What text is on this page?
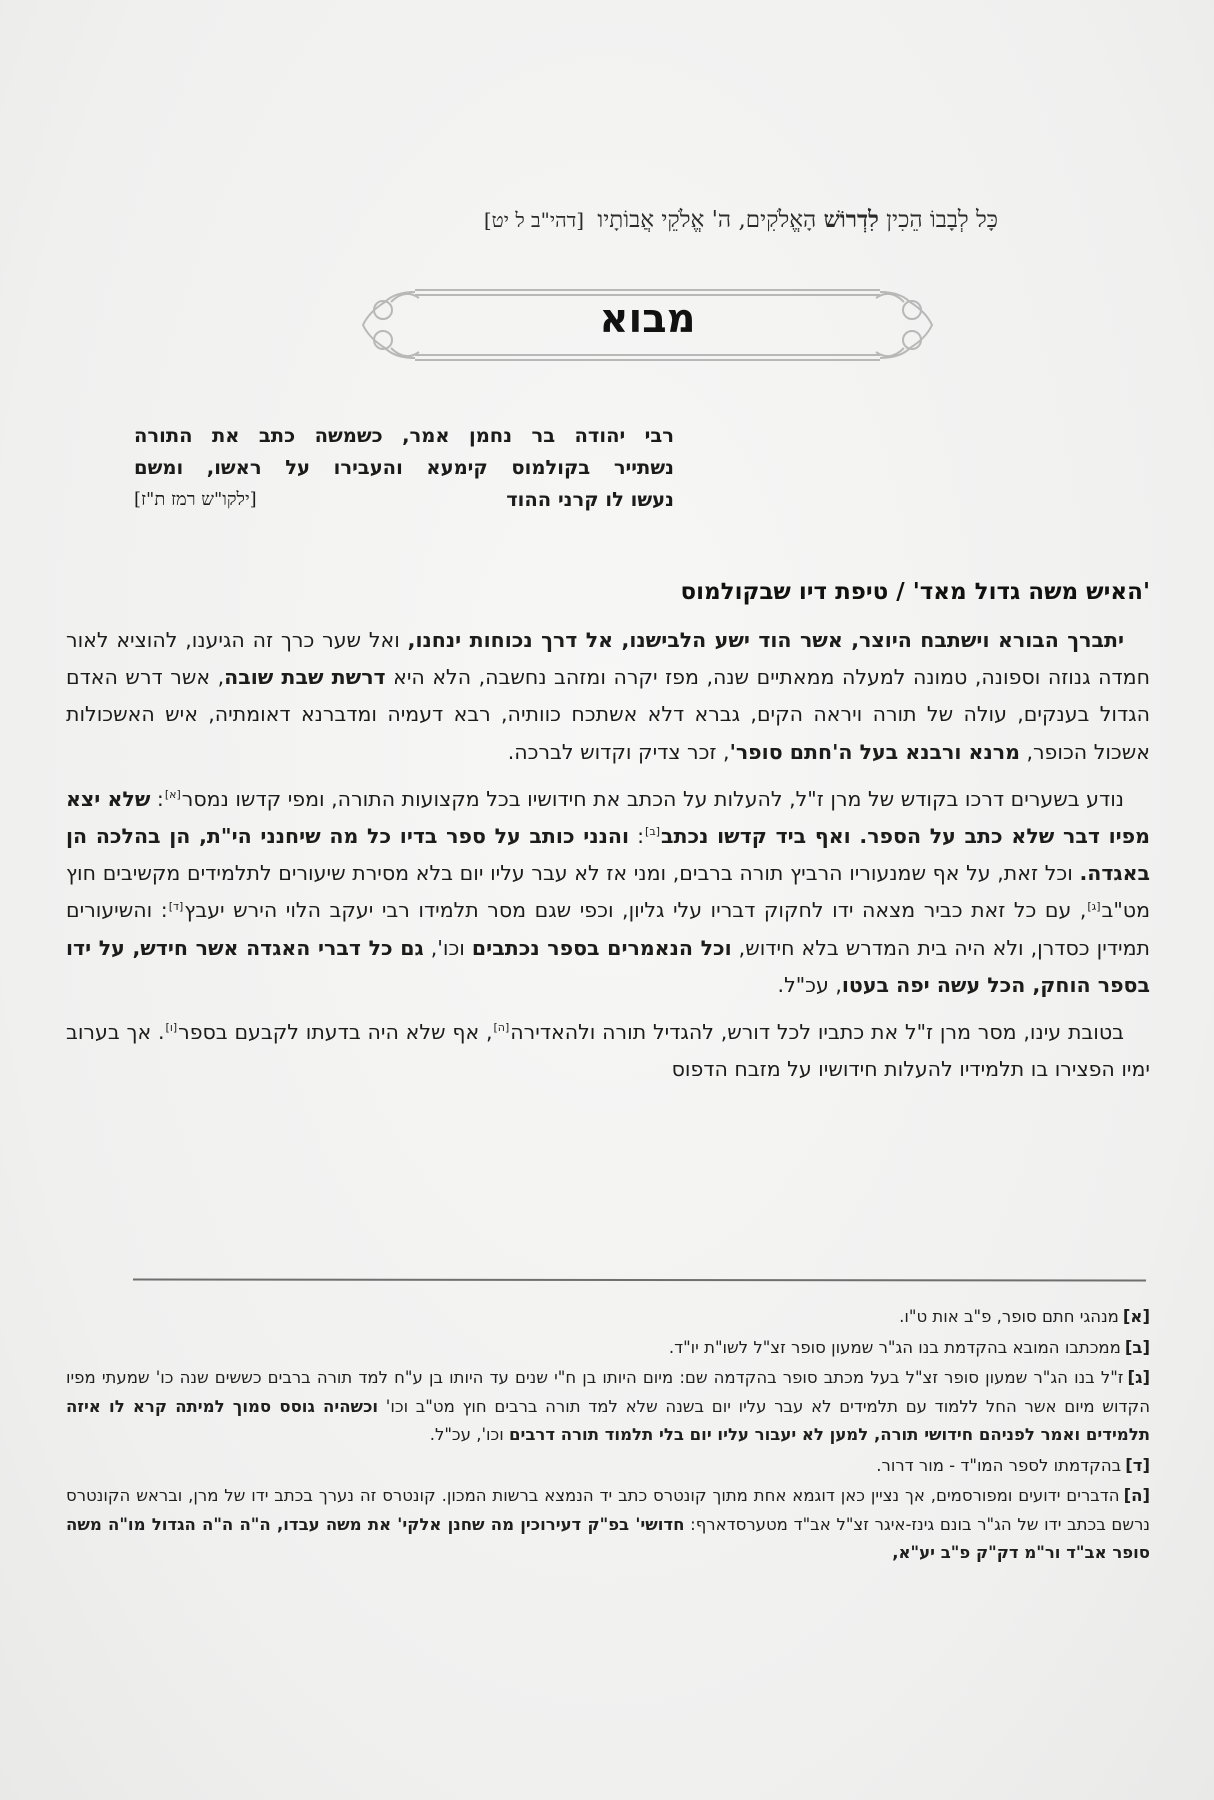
כָּל לְבָבוֹ הֵכִין לִדְרוֹשׁ הָאֱלֹקִים, ה' אֱלֹקֵי אֲבוֹתָיו [דהי"ב ל יט]
מבוא
רבי יהודה בר נחמן אמר, כשמשה כתב את התורה
נשתייר בקולמוס קימעא והעבירו על ראשו, ומשם
נעשו לו קרני ההוד
[ילקו"ש רמז ת"ז]
'האיש משה גדול מאד' / טיפת דיו שבקולמוס

יתברך הבורא וישתבח היוצר, אשר הוד ישע הלבישנו, אל דרך נכוחות ינחנו, ואל שער כרך זה הגיענו, להוציא לאור חמדה גנוזה וספונה, טמונה למעלה ממאתיים שנה, מפז יקרה ומזהב נחשבה, הלא היא דרשת שבת שובה, אשר דרש האדם הגדול בענקים, עולה של תורה ויראה הקים, גברא דלא אשתכח כוותיה, רבא דעמיה ומדברנא דאומתיה, איש האשכולות אשכול הכופר, מרנא ורבנא בעל ה'חתם סופר', זכר צדיק וקדוש לברכה.

נודע בשערים דרכו בקודש של מרן ז"ל, להעלות על הכתב את חידושיו בכל מקצועות התורה, ומפי קדשו נמסר[א]: שלא יצא מפיו דבר שלא כתב על הספר. ואף ביד קדשו נכתב[ב]: והנני כותב על ספר בדיו כל מה שיחנני הי"ת, הן בהלכה הן באגדה. וכל זאת, על אף שמנעוריו הרביץ תורה ברבים, ומני אז לא עבר עליו יום בלא מסירת שיעורים לתלמידים מקשיבים חוץ מט"ב[ג], עם כל זאת כביר מצאה ידו לחקוק דבריו עלי גליון, וכפי שגם מסר תלמידו רבי יעקב הלוי הירש יעבץ[ד]: והשיעורים תמידין כסדרן, ולא היה בית המדרש בלא חידוש, וכל הנאמרים בספר נכתבים וכו', גם כל דברי האגדה אשר חידש, על ידו בספר הוחק, הכל עשה יפה בעטו, עכ"ל.

בטובת עינו, מסר מרן ז"ל את כתביו לכל דורש, להגדיל תורה ולהאדירה[ה], אף שלא היה בדעתו לקבעם בספר[ו]. אך בערוב ימיו הפצירו בו תלמידיו להעלות חידושיו על מזבח הדפוס

[א]מנהגי חתם סופר, פ"ב אות ט"ו.
[ב]ממכתבו המובא בהקדמת בנו הג"ר שמעון סופר זצ"ל לשו"ת יו"ד.
[ג]ז"ל בנו הג"ר שמעון סופר זצ"ל בעל מכתב סופר בהקדמה שם: מיום היותו בן ח"י שנים עד היותו בן ע"ח למד תורה ברבים כששים שנה כו' שמעתי מפיו הקדוש מיום אשר החל ללמוד עם תלמידים לא עבר עליו יום בשנה שלא למד תורה ברבים חוץ מט"ב וכו' וכשהיה גוסס סמוך למיתה קרא לו איזה תלמידים ואמר לפניהם חידושי תורה, למען לא יעבור עליו יום בלי תלמוד תורה דרבים וכו', עכ"ל.
[ד]בהקדמתו לספר המו"ד - מור דרור.
[ה]הדברים ידועים ומפורסמים, אך נציין כאן דוגמא אחת מתוך קונטרס כתב יד הנמצא ברשות המכון. קונטרס זה נערך בכתב ידו של מרן, ובראש הקונטרס נרשם בכתב ידו של הג"ר בונם גינז-איגר זצ"ל אב"ד מטערסדארף: חדושי' בפ"ק דעירוכין מה שחנן אלקי' את משה עבדו, ה"ה ה"ה הגדול מו"ה משה סופר אב"ד ור"מ דק"ק פ"ב יע"א,
